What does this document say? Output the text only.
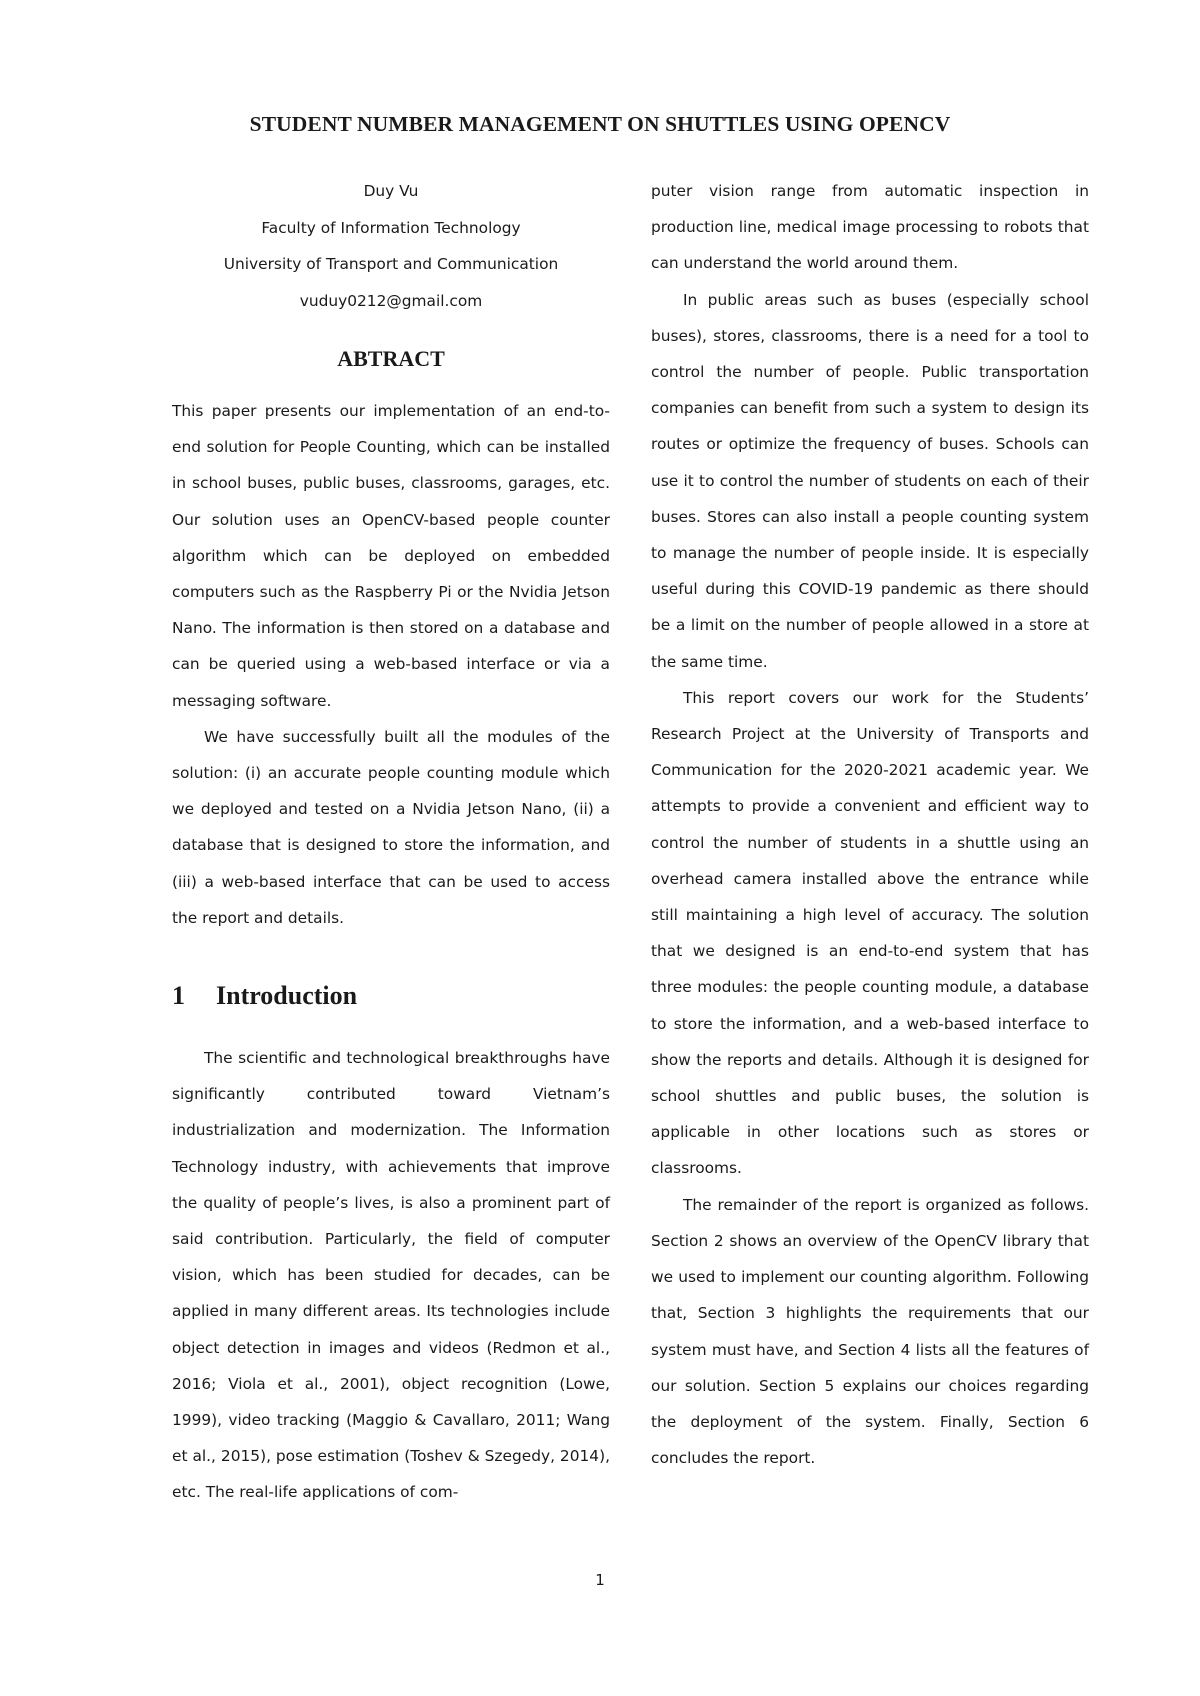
STUDENT NUMBER MANAGEMENT ON SHUTTLES USING OPENCV
Duy Vu
Faculty of Information Technology
University of Transport and Communication
vuduy0212@gmail.com
ABTRACT

This paper presents our implementation of an end-to-end solution for People Counting, which can be installed in school buses, public buses, classrooms, garages, etc. Our solution uses an OpenCV-based people counter algorithm which can be deployed on embedded computers such as the Raspberry Pi or the Nvidia Jetson Nano. The information is then stored on a database and can be queried using a web-based interface or via a messaging software.

We have successfully built all the modules of the solution: (i) an accurate people counting module which we deployed and tested on a Nvidia Jetson Nano, (ii) a database that is designed to store the information, and (iii) a web-based interface that can be used to access the report and details.

1 Introduction

The scientific and technological breakthroughs have significantly contributed toward Vietnam’s industrialization and modernization. The Information Technology industry, with achievements that improve the quality of people’s lives, is also a prominent part of said contribution. Particularly, the field of computer vision, which has been studied for decades, can be applied in many different areas. Its technologies include object detection in images and videos (Redmon et al., 2016; Viola et al., 2001), object recognition (Lowe, 1999), video tracking (Maggio & Cavallaro, 2011; Wang et al., 2015), pose estimation (Toshev & Szegedy, 2014), etc. The real-life applications of com-

puter vision range from automatic inspection in production line, medical image processing to robots that can understand the world around them.

In public areas such as buses (especially school buses), stores, classrooms, there is a need for a tool to control the number of people. Public transportation companies can benefit from such a system to design its routes or optimize the frequency of buses. Schools can use it to control the number of students on each of their buses. Stores can also install a people counting system to manage the number of people inside. It is especially useful during this COVID-19 pandemic as there should be a limit on the number of people allowed in a store at the same time.

This report covers our work for the Students’ Research Project at the University of Transports and Communication for the 2020-2021 academic year. We attempts to provide a convenient and efficient way to control the number of students in a shuttle using an overhead camera installed above the entrance while still maintaining a high level of accuracy. The solution that we designed is an end-to-end system that has three modules: the people counting module, a database to store the information, and a web-based interface to show the reports and details. Although it is designed for school shuttles and public buses, the solution is applicable in other locations such as stores or classrooms.

The remainder of the report is organized as follows. Section 2 shows an overview of the OpenCV library that we used to implement our counting algorithm. Following that, Section 3 highlights the requirements that our system must have, and Section 4 lists all the features of our solution. Section 5 explains our choices regarding the deployment of the system. Finally, Section 6 concludes the report.

1
